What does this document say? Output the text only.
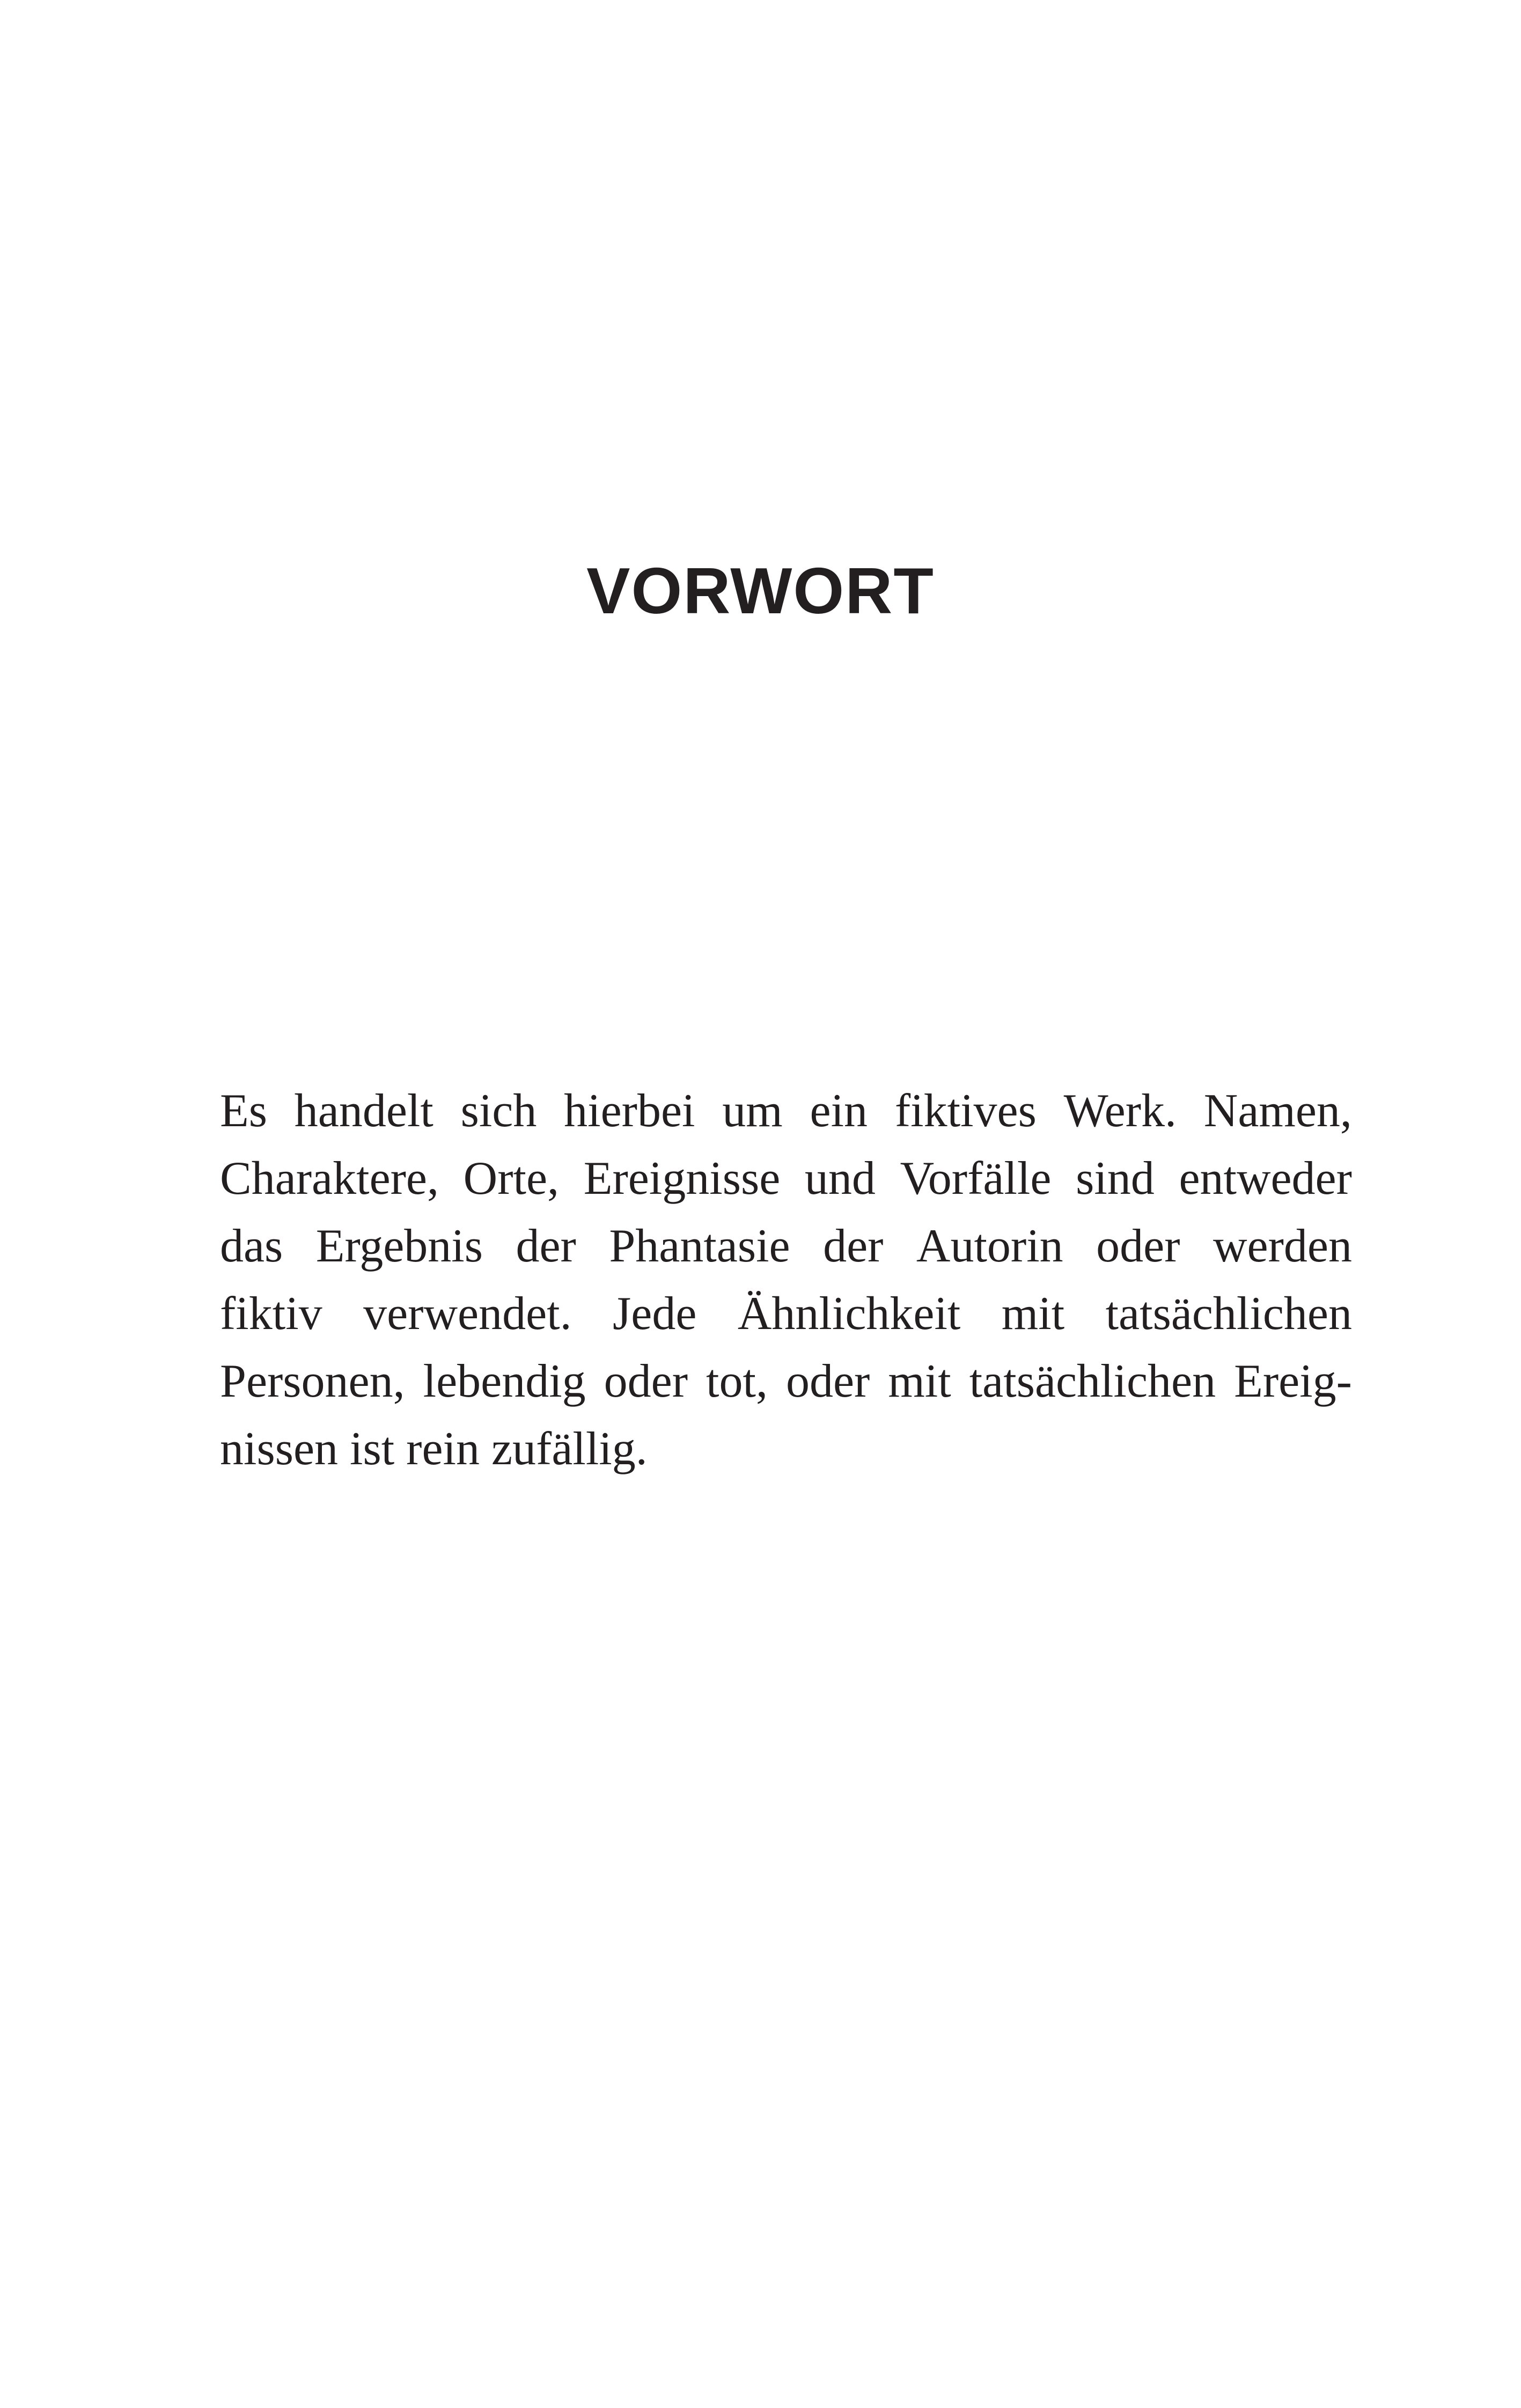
VORWORT
Es handelt sich hierbei um ein fiktives Werk. Namen,
Charaktere, Orte, Ereignisse und Vorfälle sind entweder
das Ergebnis der Phantasie der Autorin oder werden
fiktiv verwendet. Jede Ähnlichkeit mit tatsächlichen
Personen, lebendig oder tot, oder mit tatsächlichen Ereig-
nissen ist rein zufällig.
